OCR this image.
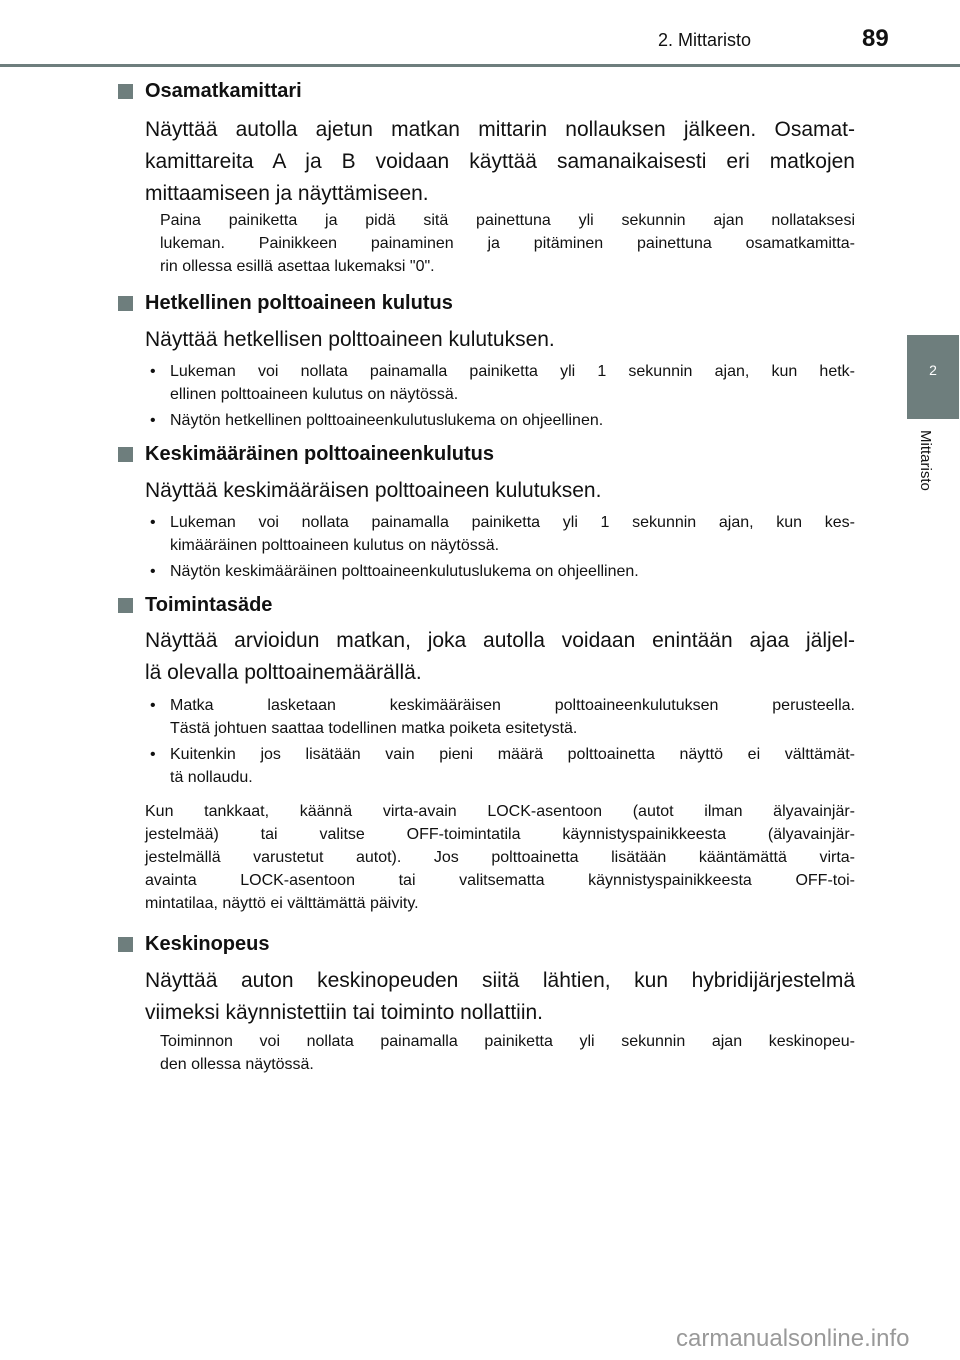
2. Mittaristo	89
2
Mittaristo
Osamatkamittari
Näyttää autolla ajetun matkan mittarin nollauksen jälkeen. Osamat-
kamittareita A ja B voidaan käyttää samanaikaisesti eri matkojen
mittaamiseen ja näyttämiseen.
Paina painiketta ja pidä sitä painettuna yli sekunnin ajan nollataksesi
lukeman. Painikkeen painaminen ja pitäminen painettuna osamatkamitta-
rin ollessa esillä asettaa lukemaksi "0".
Hetkellinen polttoaineen kulutus
Näyttää hetkellisen polttoaineen kulutuksen.
• Lukeman voi nollata painamalla painiketta yli 1 sekunnin ajan, kun hetk-
ellinen polttoaineen kulutus on näytössä.
• Näytön hetkellinen polttoaineenkulutuslukema on ohjeellinen.
Keskimääräinen polttoaineenkulutus
Näyttää keskimääräisen polttoaineen kulutuksen.
• Lukeman voi nollata painamalla painiketta yli 1 sekunnin ajan, kun kes-
kimääräinen polttoaineen kulutus on näytössä.
• Näytön keskimääräinen polttoaineenkulutuslukema on ohjeellinen.
Toimintasäde
Näyttää arvioidun matkan, joka autolla voidaan enintään ajaa jäljel-
lä olevalla polttoainemäärällä.
• Matka lasketaan keskimääräisen polttoaineenkulutuksen perusteella.
Tästä johtuen saattaa todellinen matka poiketa esitetystä.
• Kuitenkin jos lisätään vain pieni määrä polttoainetta näyttö ei välttämät-
tä nollaudu.
Kun tankkaat, käännä virta-avain LOCK-asentoon (autot ilman älyavainjär-
jestelmää) tai valitse OFF-toimintatila käynnistyspainikkeesta (älyavainjär-
jestelmällä varustetut autot). Jos polttoainetta lisätään kääntämättä virta-
avainta LOCK-asentoon tai valitsematta käynnistyspainikkeesta OFF-toi-
mintatilaa, näyttö ei välttämättä päivity.
Keskinopeus
Näyttää auton keskinopeuden siitä lähtien, kun hybridijärjestelmä
viimeksi käynnistettiin tai toiminto nollattiin.
Toiminnon voi nollata painamalla painiketta yli sekunnin ajan keskinopeu-
den ollessa näytössä.
carmanualsonline.info
